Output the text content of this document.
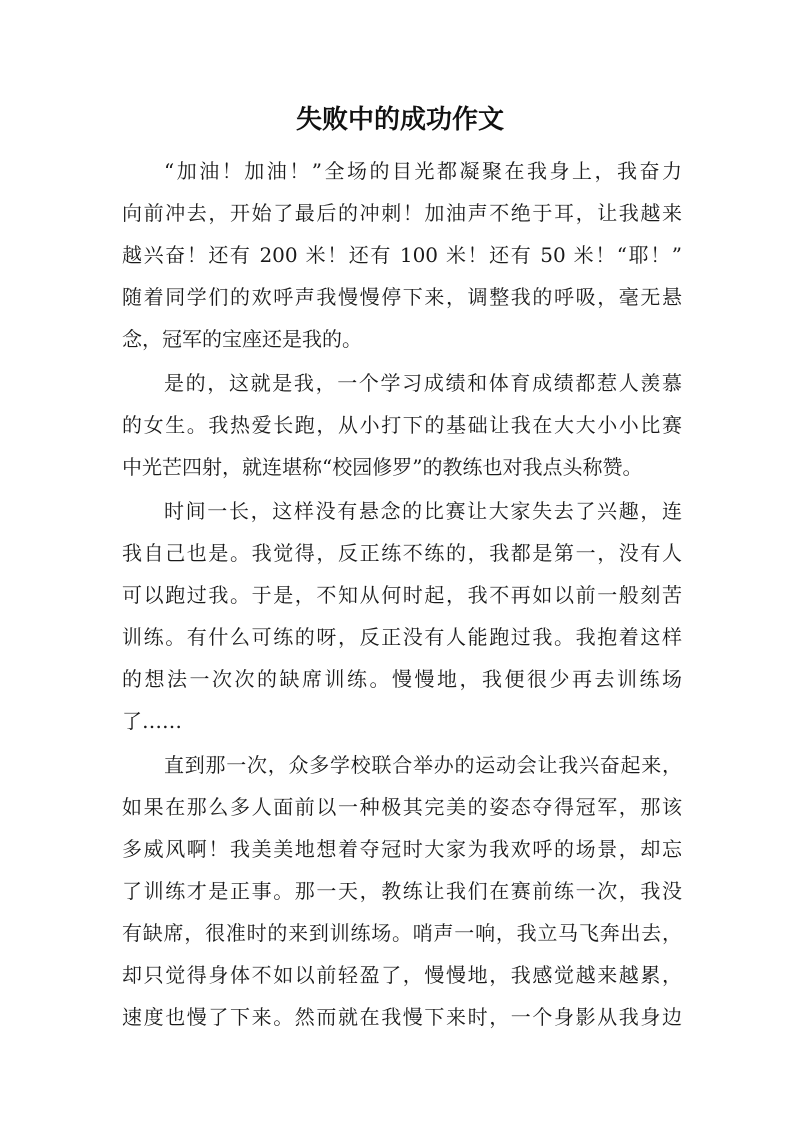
失败中的成功作文
“加油！加油！”全场的目光都凝聚在我身上，我奋力
向前冲去，开始了最后的冲刺！加油声不绝于耳，让我越来
越兴奋！还有 200 米！还有 100 米！还有 50 米！“耶！”
随着同学们的欢呼声我慢慢停下来，调整我的呼吸，毫无悬
念，冠军的宝座还是我的。
是的，这就是我，一个学习成绩和体育成绩都惹人羡慕
的女生。我热爱长跑，从小打下的基础让我在大大小小比赛
中光芒四射，就连堪称“校园修罗”的教练也对我点头称赞。
时间一长，这样没有悬念的比赛让大家失去了兴趣，连
我自己也是。我觉得，反正练不练的，我都是第一，没有人
可以跑过我。于是，不知从何时起，我不再如以前一般刻苦
训练。有什么可练的呀，反正没有人能跑过我。我抱着这样
的想法一次次的缺席训练。慢慢地，我便很少再去训练场
了……
直到那一次，众多学校联合举办的运动会让我兴奋起来，
如果在那么多人面前以一种极其完美的姿态夺得冠军，那该
多威风啊！我美美地想着夺冠时大家为我欢呼的场景，却忘
了训练才是正事。那一天，教练让我们在赛前练一次，我没
有缺席，很准时的来到训练场。哨声一响，我立马飞奔出去，
却只觉得身体不如以前轻盈了，慢慢地，我感觉越来越累，
速度也慢了下来。然而就在我慢下来时，一个身影从我身边
